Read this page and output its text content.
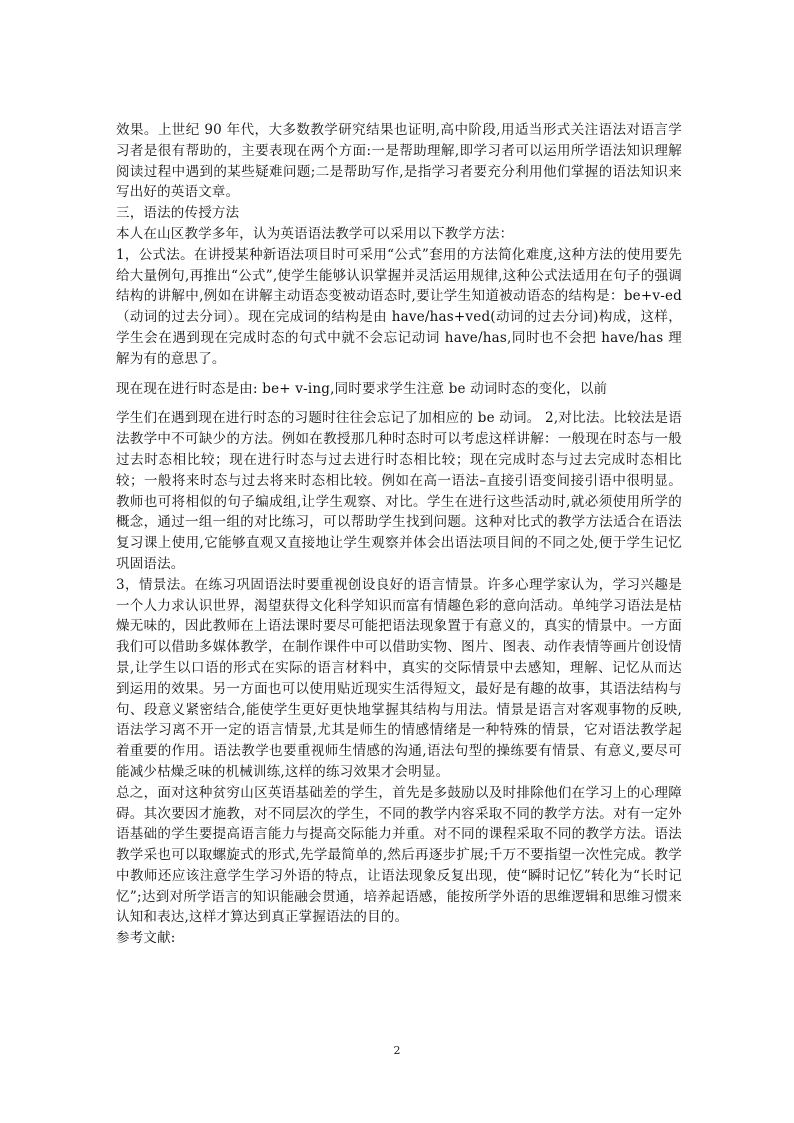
效果。上世纪 90 年代，大多数教学研究结果也证明,高中阶段,用适当形式关注语法对语言学习者是很有帮助的，主要表现在两个方面:一是帮助理解,即学习者可以运用所学语法知识理解阅读过程中遇到的某些疑难问题;二是帮助写作,是指学习者要充分利用他们掌握的语法知识来写出好的英语文章。

三，语法的传授方法

本人在山区教学多年，认为英语语法教学可以采用以下教学方法：

1，公式法。在讲授某种新语法项目时可采用“公式”套用的方法简化难度,这种方法的使用要先给大量例句,再推出“公式”,使学生能够认识掌握并灵活运用规律,这种公式法适用在句子的强调结构的讲解中,例如在讲解主动语态变被动语态时,要让学生知道被动语态的结构是：be+v-ed（动词的过去分词）。现在完成词的结构是由 have/has+ved(动词的过去分词)构成，这样，学生会在遇到现在完成时态的句式中就不会忘记动词 have/has,同时也不会把 have/has 理解为有的意思了。

现在现在进行时态是由: be+ v-ing,同时要求学生注意 be 动词时态的变化，以前

学生们在遇到现在进行时态的习题时往往会忘记了加相应的 be 动词。 2,对比法。比较法是语法教学中不可缺少的方法。例如在教授那几种时态时可以考虑这样讲解：一般现在时态与一般过去时态相比较；现在进行时态与过去进行时态相比较；现在完成时态与过去完成时态相比较；一般将来时态与过去将来时态相比较。例如在高一语法–直接引语变间接引语中很明显。教师也可将相似的句子编成组,让学生观察、对比。学生在进行这些活动时,就必须使用所学的概念，通过一组一组的对比练习，可以帮助学生找到问题。这种对比式的教学方法适合在语法复习课上使用,它能够直观又直接地让学生观察并体会出语法项目间的不同之处,便于学生记忆巩固语法。

3，情景法。在练习巩固语法时要重视创设良好的语言情景。许多心理学家认为，学习兴趣是一个人力求认识世界，渴望获得文化科学知识而富有情趣色彩的意向活动。单纯学习语法是枯燥无味的，因此教师在上语法课时要尽可能把语法现象置于有意义的，真实的情景中。一方面我们可以借助多媒体教学，在制作课件中可以借助实物、图片、图表、动作表情等画片创设情景,让学生以口语的形式在实际的语言材料中，真实的交际情景中去感知，理解、记忆从而达到运用的效果。另一方面也可以使用贴近现实生活得短文，最好是有趣的故事，其语法结构与句、段意义紧密结合,能使学生更好更快地掌握其结构与用法。情景是语言对客观事物的反映,语法学习离不开一定的语言情景,尤其是师生的情感情绪是一种特殊的情景，它对语法教学起着重要的作用。语法教学也要重视师生情感的沟通,语法句型的操练要有情景、有意义,要尽可能减少枯燥乏味的机械训练,这样的练习效果才会明显。

总之，面对这种贫穷山区英语基础差的学生，首先是多鼓励以及时排除他们在学习上的心理障碍。其次要因才施教，对不同层次的学生，不同的教学内容采取不同的教学方法。对有一定外语基础的学生要提高语言能力与提高交际能力并重。对不同的课程采取不同的教学方法。语法教学采也可以取螺旋式的形式,先学最简单的,然后再逐步扩展;千万不要指望一次性完成。教学中教师还应该注意学生学习外语的特点，让语法现象反复出现，使“瞬时记忆”转化为“长时记忆”;达到对所学语言的知识能融会贯通，培养起语感，能按所学外语的思维逻辑和思维习惯来认知和表达,这样才算达到真正掌握语法的目的。

参考文献:

2
